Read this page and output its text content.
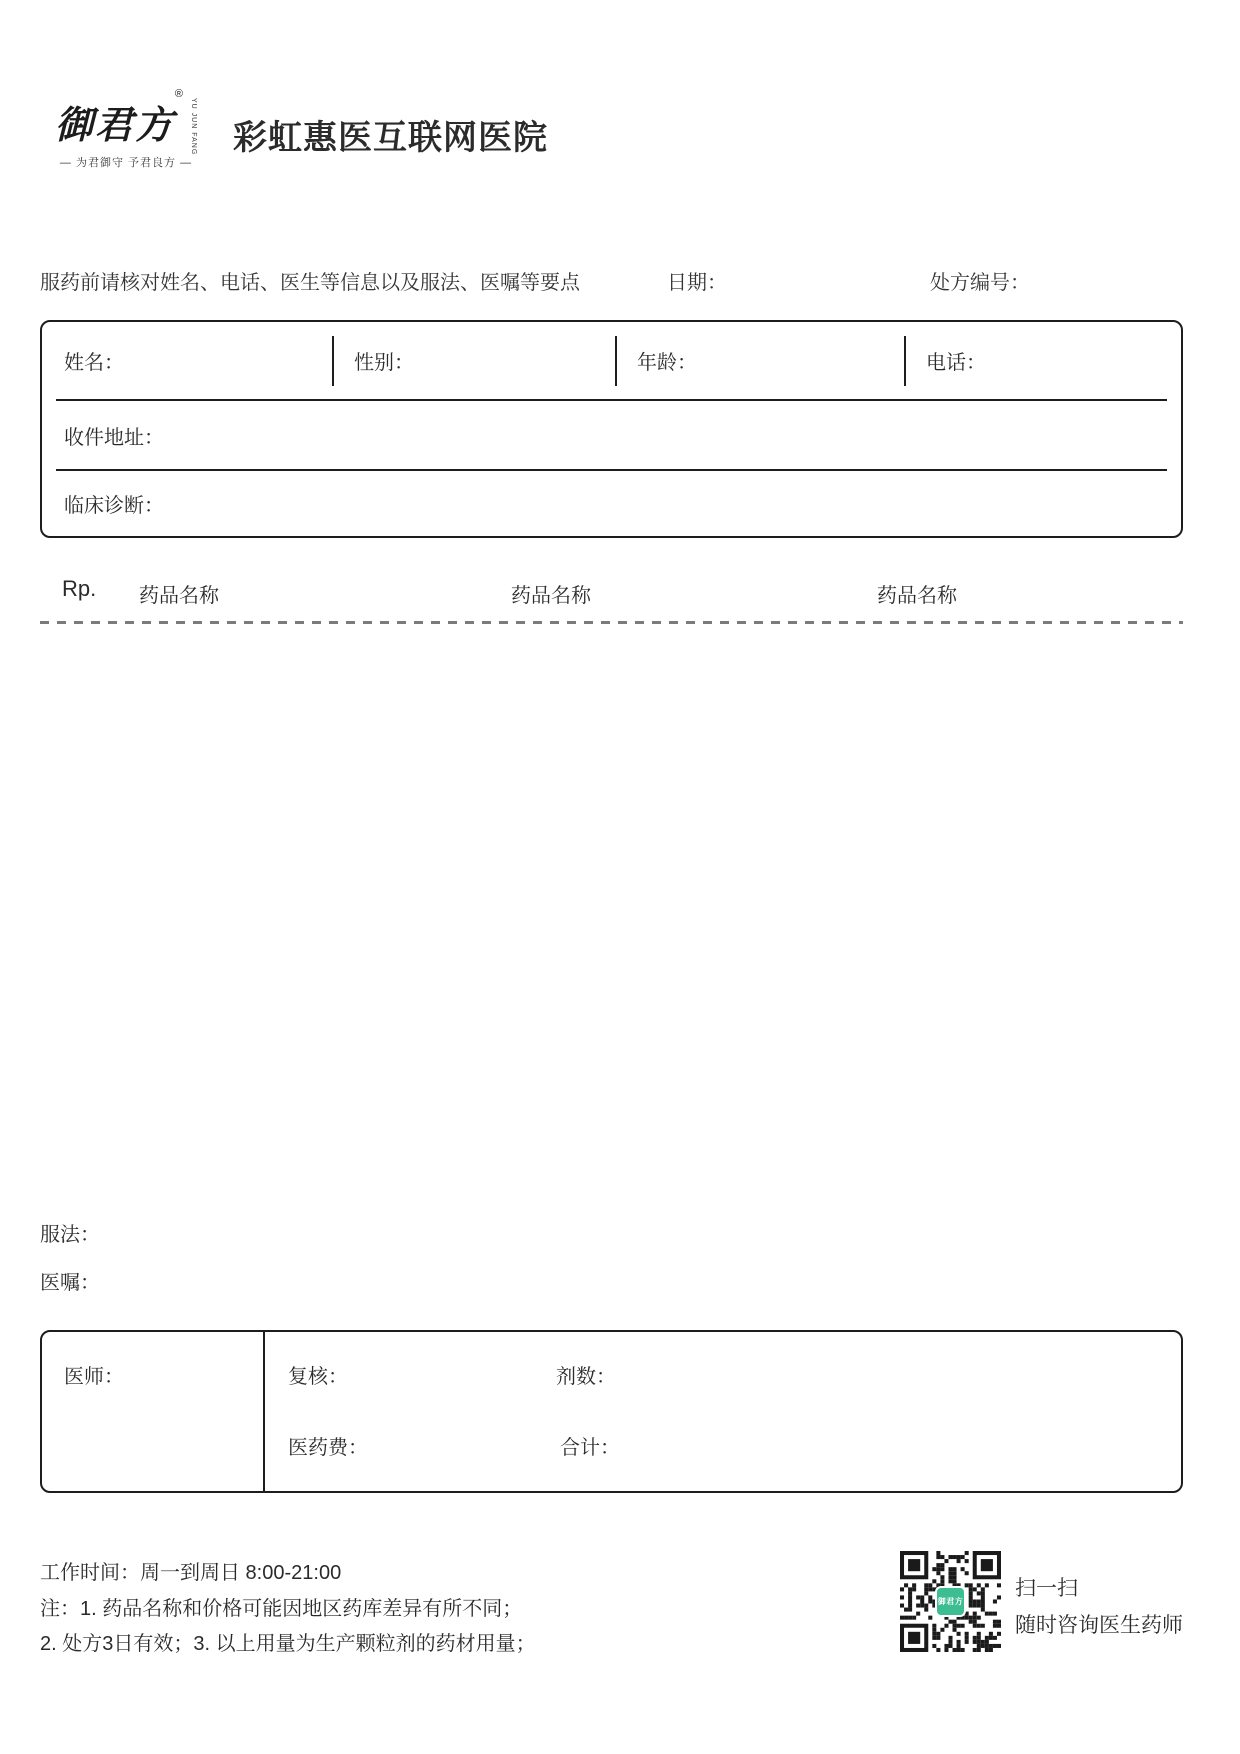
御君方
®
YU JUN FANG
— 为君御守 予君良方 —
彩虹惠医互联网医院
服药前请核对姓名、电话、医生等信息以及服法、医嘱等要点	日期：	处方编号：
姓名：	性别：	年龄：	电话：
收件地址：
临床诊断：
Rp. 药品名称	药品名称	药品名称
服法：
医嘱：
医师：	复核：	剂数：
医药费：	合计：
工作时间：周一到周日 8:00-21:00
注：1. 药品名称和价格可能因地区药库差异有所不同；
2. 处方3日有效；3. 以上用量为生产颗粒剂的药材用量；
御君方
扫一扫
随时咨询医生药师
